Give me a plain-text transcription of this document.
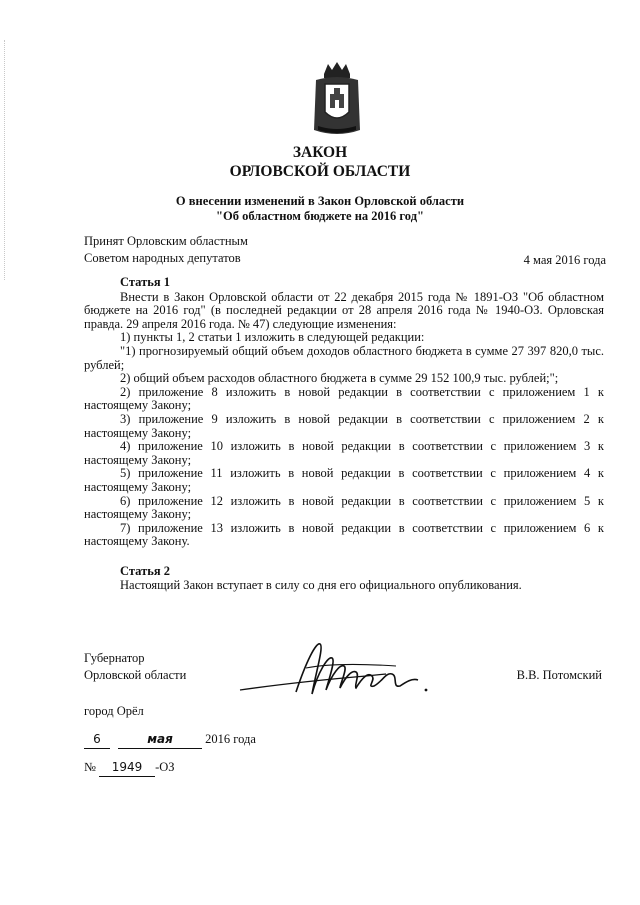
ЗАКОН
ОРЛОВСКОЙ ОБЛАСТИ
О внесении изменений в Закон Орловской области
"Об областном бюджете на 2016 год"
Принят Орловским областным
Советом народных депутатов	4 мая 2016 года
Статья 1
Внести в Закон Орловской области от 22 декабря 2015 года № 1891-ОЗ "Об областном бюджете на 2016 год" (в последней редакции от 28 апреля 2016 года № 1940-ОЗ. Орловская правда. 29 апреля 2016 года. № 47) следующие изменения:
1) пункты 1, 2 статьи 1 изложить в следующей редакции:
"1) прогнозируемый общий объем доходов областного бюджета в сумме 27 397 820,0 тыс. рублей;
2) общий объем расходов областного бюджета в сумме 29 152 100,9 тыс. рублей;";
2) приложение 8 изложить в новой редакции в соответствии с приложением 1 к настоящему Закону;
3) приложение 9 изложить в новой редакции в соответствии с приложением 2 к настоящему Закону;
4) приложение 10 изложить в новой редакции в соответствии с приложением 3 к настоящему Закону;
5) приложение 11 изложить в новой редакции в соответствии с приложением 4 к настоящему Закону;
6) приложение 12 изложить в новой редакции в соответствии с приложением 5 к настоящему Закону;
7) приложение 13 изложить в новой редакции в соответствии с приложением 6 к настоящему Закону.
Статья 2
Настоящий Закон вступает в силу со дня его официального опубликования.
Губернатор
Орловской области	В.В. Потомский
город Орёл
6	мая	2016 года
№ 1949 -ОЗ
